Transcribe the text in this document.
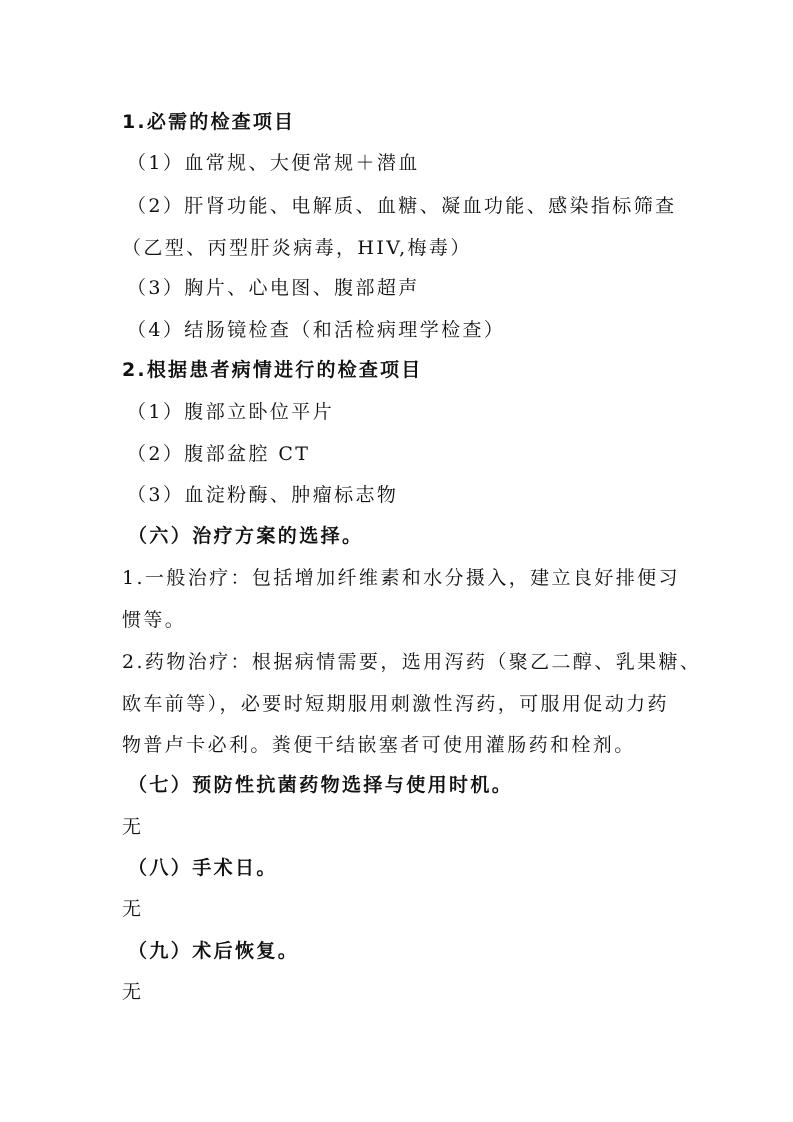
1.必需的检查项目
（1）血常规、大便常规＋潜血
（2）肝肾功能、电解质、血糖、凝血功能、感染指标筛查
（乙型、丙型肝炎病毒，HIV,梅毒）
（3）胸片、心电图、腹部超声
（4）结肠镜检查（和活检病理学检查）
2.根据患者病情进行的检查项目
（1）腹部立卧位平片
（2）腹部盆腔 CT
（3）血淀粉酶、肿瘤标志物
（六）治疗方案的选择。
1.一般治疗：包括增加纤维素和水分摄入，建立良好排便习
惯等。
2.药物治疗：根据病情需要，选用泻药（聚乙二醇、乳果糖、
欧车前等），必要时短期服用刺激性泻药，可服用促动力药
物普卢卡必利。粪便干结嵌塞者可使用灌肠药和栓剂。
（七）预防性抗菌药物选择与使用时机。
无
（八）手术日。
无
（九）术后恢复。
无
